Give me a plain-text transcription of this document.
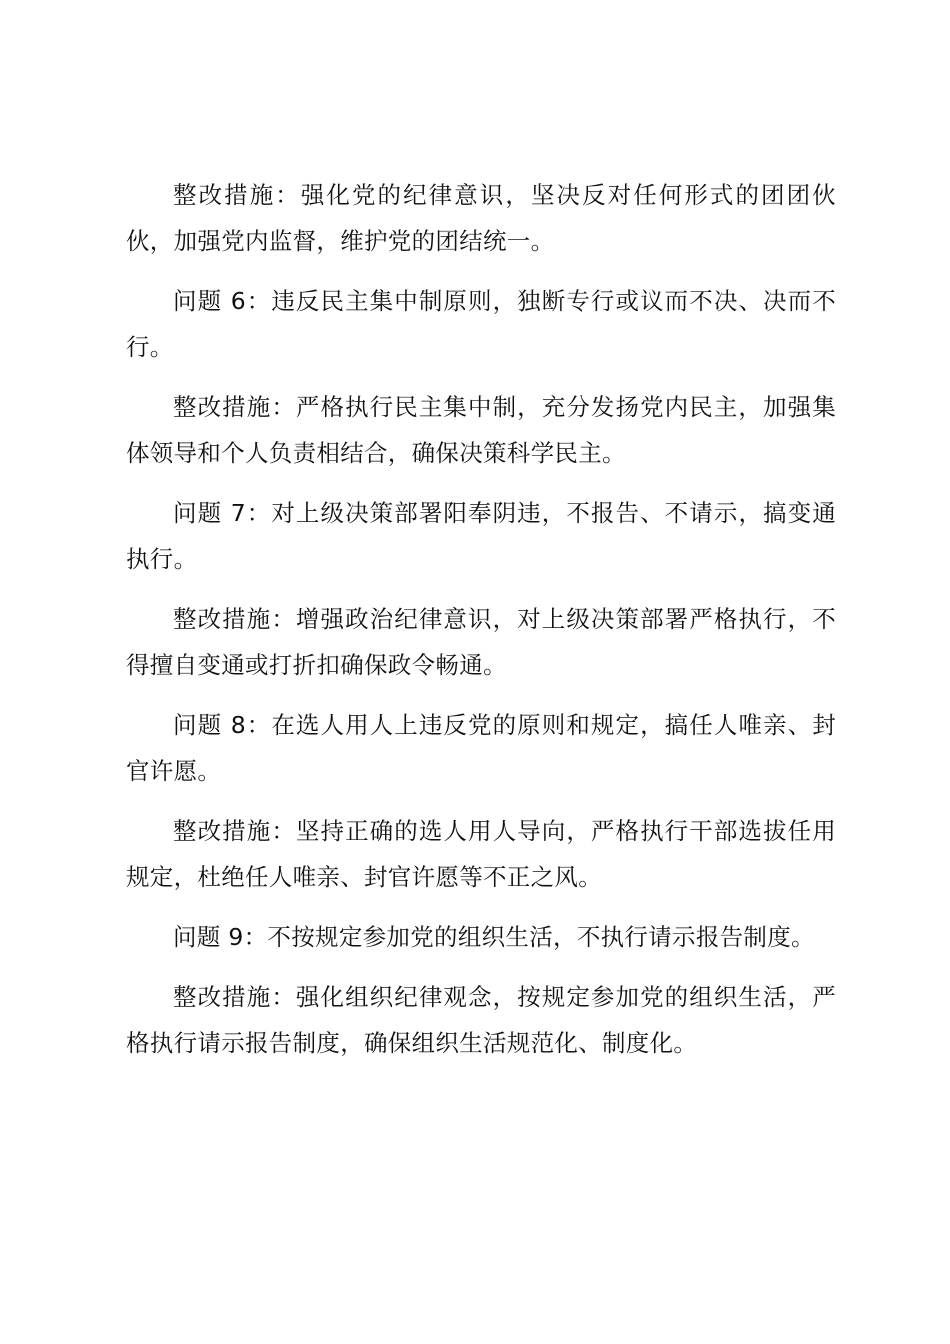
整改措施：强化党的纪律意识，坚决反对任何形式的团团伙伙，加强党内监督，维护党的团结统一。

问题 6：违反民主集中制原则，独断专行或议而不决、决而不行。

整改措施：严格执行民主集中制，充分发扬党内民主，加强集体领导和个人负责相结合，确保决策科学民主。

问题 7：对上级决策部署阳奉阴违，不报告、不请示，搞变通执行。

整改措施：增强政治纪律意识，对上级决策部署严格执行，不得擅自变通或打折扣确保政令畅通。

问题 8：在选人用人上违反党的原则和规定，搞任人唯亲、封官许愿。

整改措施：坚持正确的选人用人导向，严格执行干部选拔任用规定，杜绝任人唯亲、封官许愿等不正之风。

问题 9：不按规定参加党的组织生活，不执行请示报告制度。

整改措施：强化组织纪律观念，按规定参加党的组织生活，严格执行请示报告制度，确保组织生活规范化、制度化。
